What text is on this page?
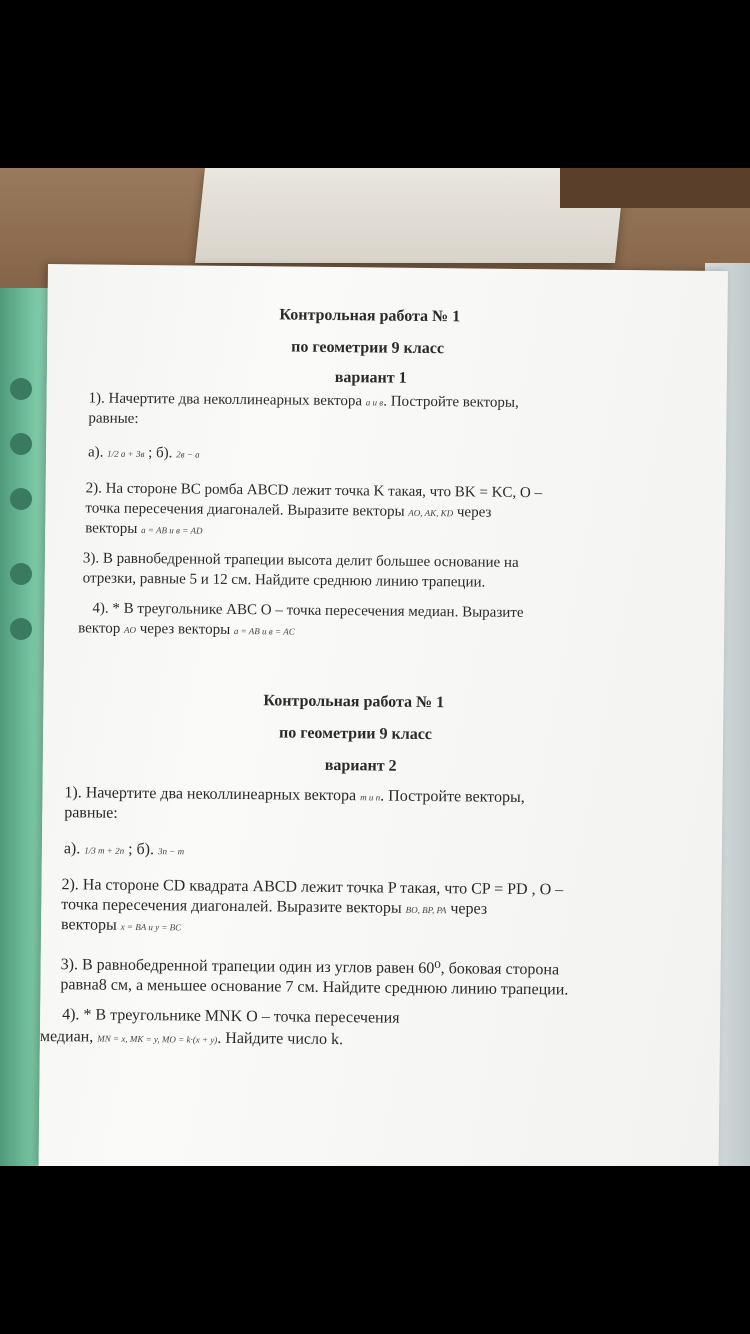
Контрольная работа № 1
по геометрии 9 класс
вариант 1
1). Начертите два неколлинеарных вектора a и в. Постройте векторы,
равные:
а). 1/2 a + 3в ; б). 2в − a
2). На стороне BC ромба ABCD лежит точка K такая, что BK = KC, O –
точка пересечения диагоналей. Выразите векторы AO, AK, KD через
векторы a = AB и в = AD
3). В равнобедренной трапеции высота делит большее основание на
отрезки, равные 5 и 12 см. Найдите среднюю линию трапеции.
4). * В треугольнике ABC O – точка пересечения медиан. Выразите
вектор AO через векторы a = AB и в = AC
Контрольная работа № 1
по геометрии 9 класс
вариант 2
1). Начертите два неколлинеарных вектора m и n. Постройте векторы,
равные:
а). 1/3 m + 2n ; б). 3n − m
2). На стороне CD квадрата ABCD лежит точка P такая, что CP = PD , O –
точка пересечения диагоналей. Выразите векторы BO, BP, PA через
векторы x = BA и y = BC
3). В равнобедренной трапеции один из углов равен 60⁰, боковая сторона
равна8 см, а меньшее основание 7 см. Найдите среднюю линию трапеции.
4). * В треугольнике MNK O – точка пересечения
медиан, MN = x, MK = y, MO = k·(x + y). Найдите число k.
